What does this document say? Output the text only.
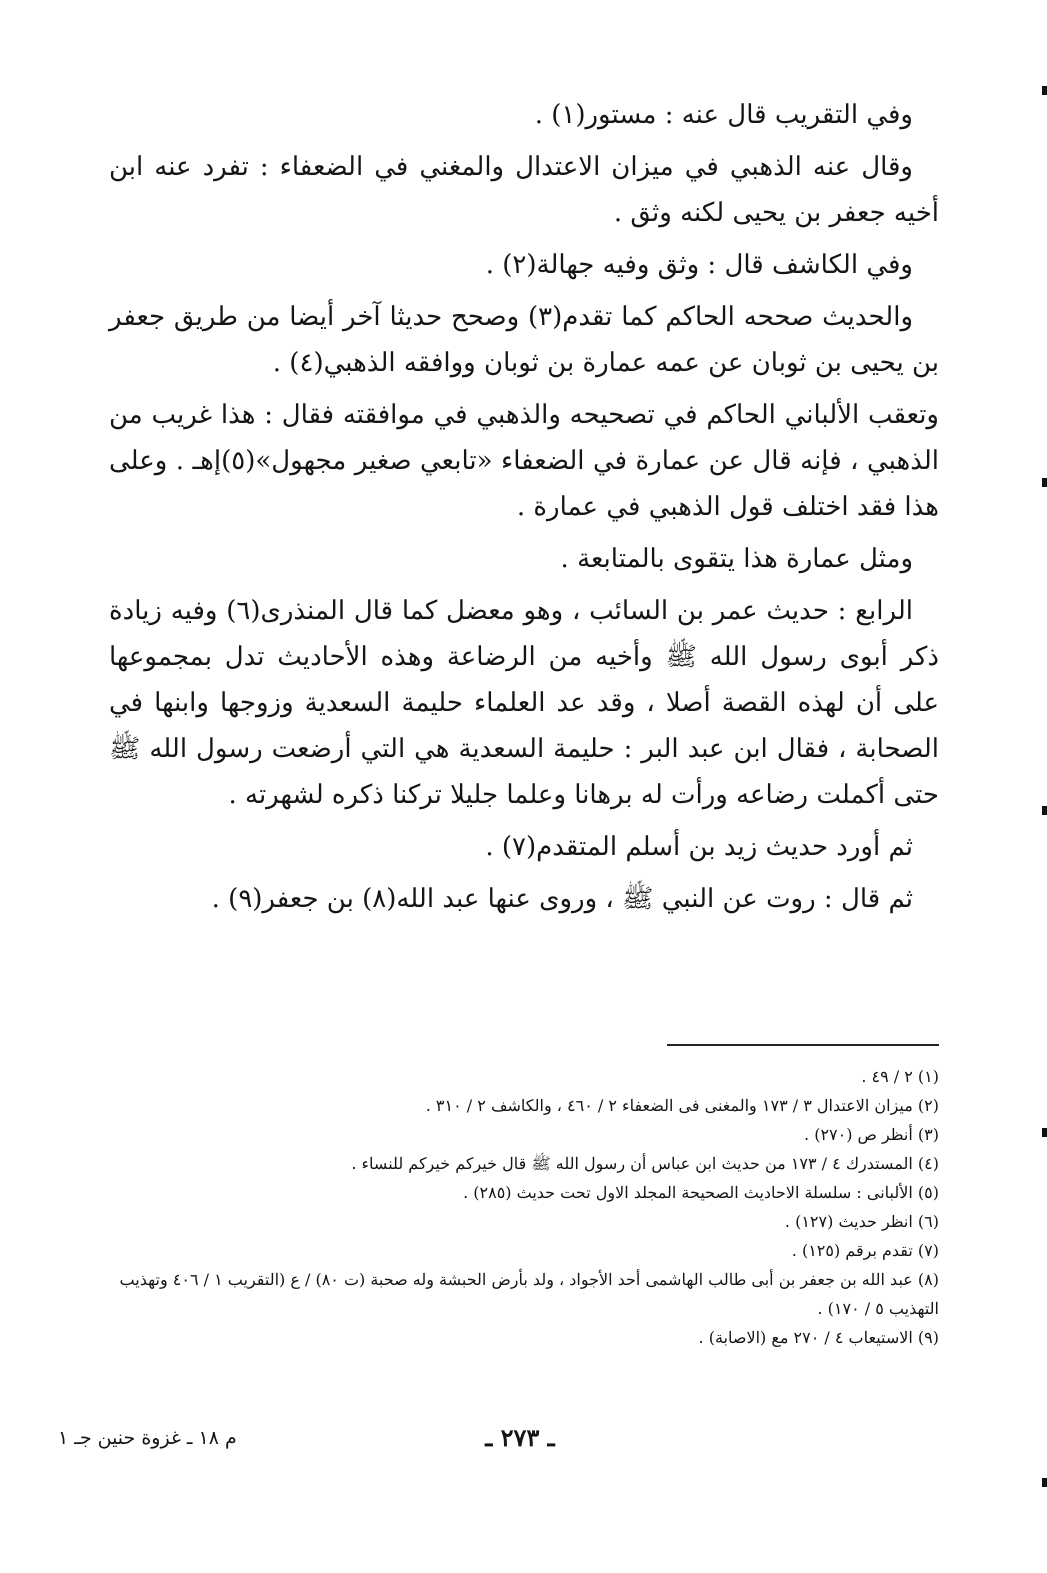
وفي التقريب قال عنه : مستور(١) .

وقال عنه الذهبي في ميزان الاعتدال والمغني في الضعفاء : تفرد عنه ابن أخيه جعفر بن يحيى لكنه وثق .

وفي الكاشف قال : وثق وفيه جهالة(٢) .

والحديث صححه الحاكم كما تقدم(٣) وصحح حديثا آخر أيضا من طريق جعفر بن يحيى بن ثوبان عن عمه عمارة بن ثوبان ووافقه الذهبي(٤) .

وتعقب الألباني الحاكم في تصحيحه والذهبي في موافقته فقال : هذا غريب من الذهبي ، فإنه قال عن عمارة في الضعفاء «تابعي صغير مجهول»(٥)إهـ . وعلى هذا فقد اختلف قول الذهبي في عمارة .

ومثل عمارة هذا يتقوى بالمتابعة .

الرابع : حديث عمر بن السائب ، وهو معضل كما قال المنذرى(٦) وفيه زيادة ذكر أبوى رسول الله ﷺ وأخيه من الرضاعة وهذه الأحاديث تدل بمجموعها على أن لهذه القصة أصلا ، وقد عد العلماء حليمة السعدية وزوجها وابنها في الصحابة ، فقال ابن عبد البر : حليمة السعدية هي التي أرضعت رسول الله ﷺ حتى أكملت رضاعه ورأت له برهانا وعلما جليلا تركنا ذكره لشهرته .

ثم أورد حديث زيد بن أسلم المتقدم(٧) .

ثم قال : روت عن النبي ﷺ ، وروى عنها عبد الله(٨) بن جعفر(٩) .

(١) ٢ / ٤٩ .

(٢) ميزان الاعتدال ٣ / ١٧٣ والمغنى فى الضعفاء ٢ / ٤٦٠ ، والكاشف ٢ / ٣١٠ .

(٣) أنظر ص (٢٧٠) .

(٤) المستدرك ٤ / ١٧٣ من حديث ابن عباس أن رسول الله ﷺ قال خيركم خيركم للنساء .

(٥) الألبانى : سلسلة الاحاديث الصحيحة المجلد الاول تحت حديث (٢٨٥) .

(٦) انظر حديث (١٢٧) .

(٧) تقدم برقم (١٢٥) .

(٨) عبد الله بن جعفر بن أبى طالب الهاشمى أحد الأجواد ، ولد بأرض الحبشة وله صحبة (ت ٨٠) / ع (التقريب ١ / ٤٠٦ وتهذيب التهذيب ٥ / ١٧٠) .

(٩) الاستيعاب ٤ / ٢٧٠ مع (الاصابة) .

ـ ٢٧٣ ـ
م ١٨ ـ غزوة حنين جـ ١
